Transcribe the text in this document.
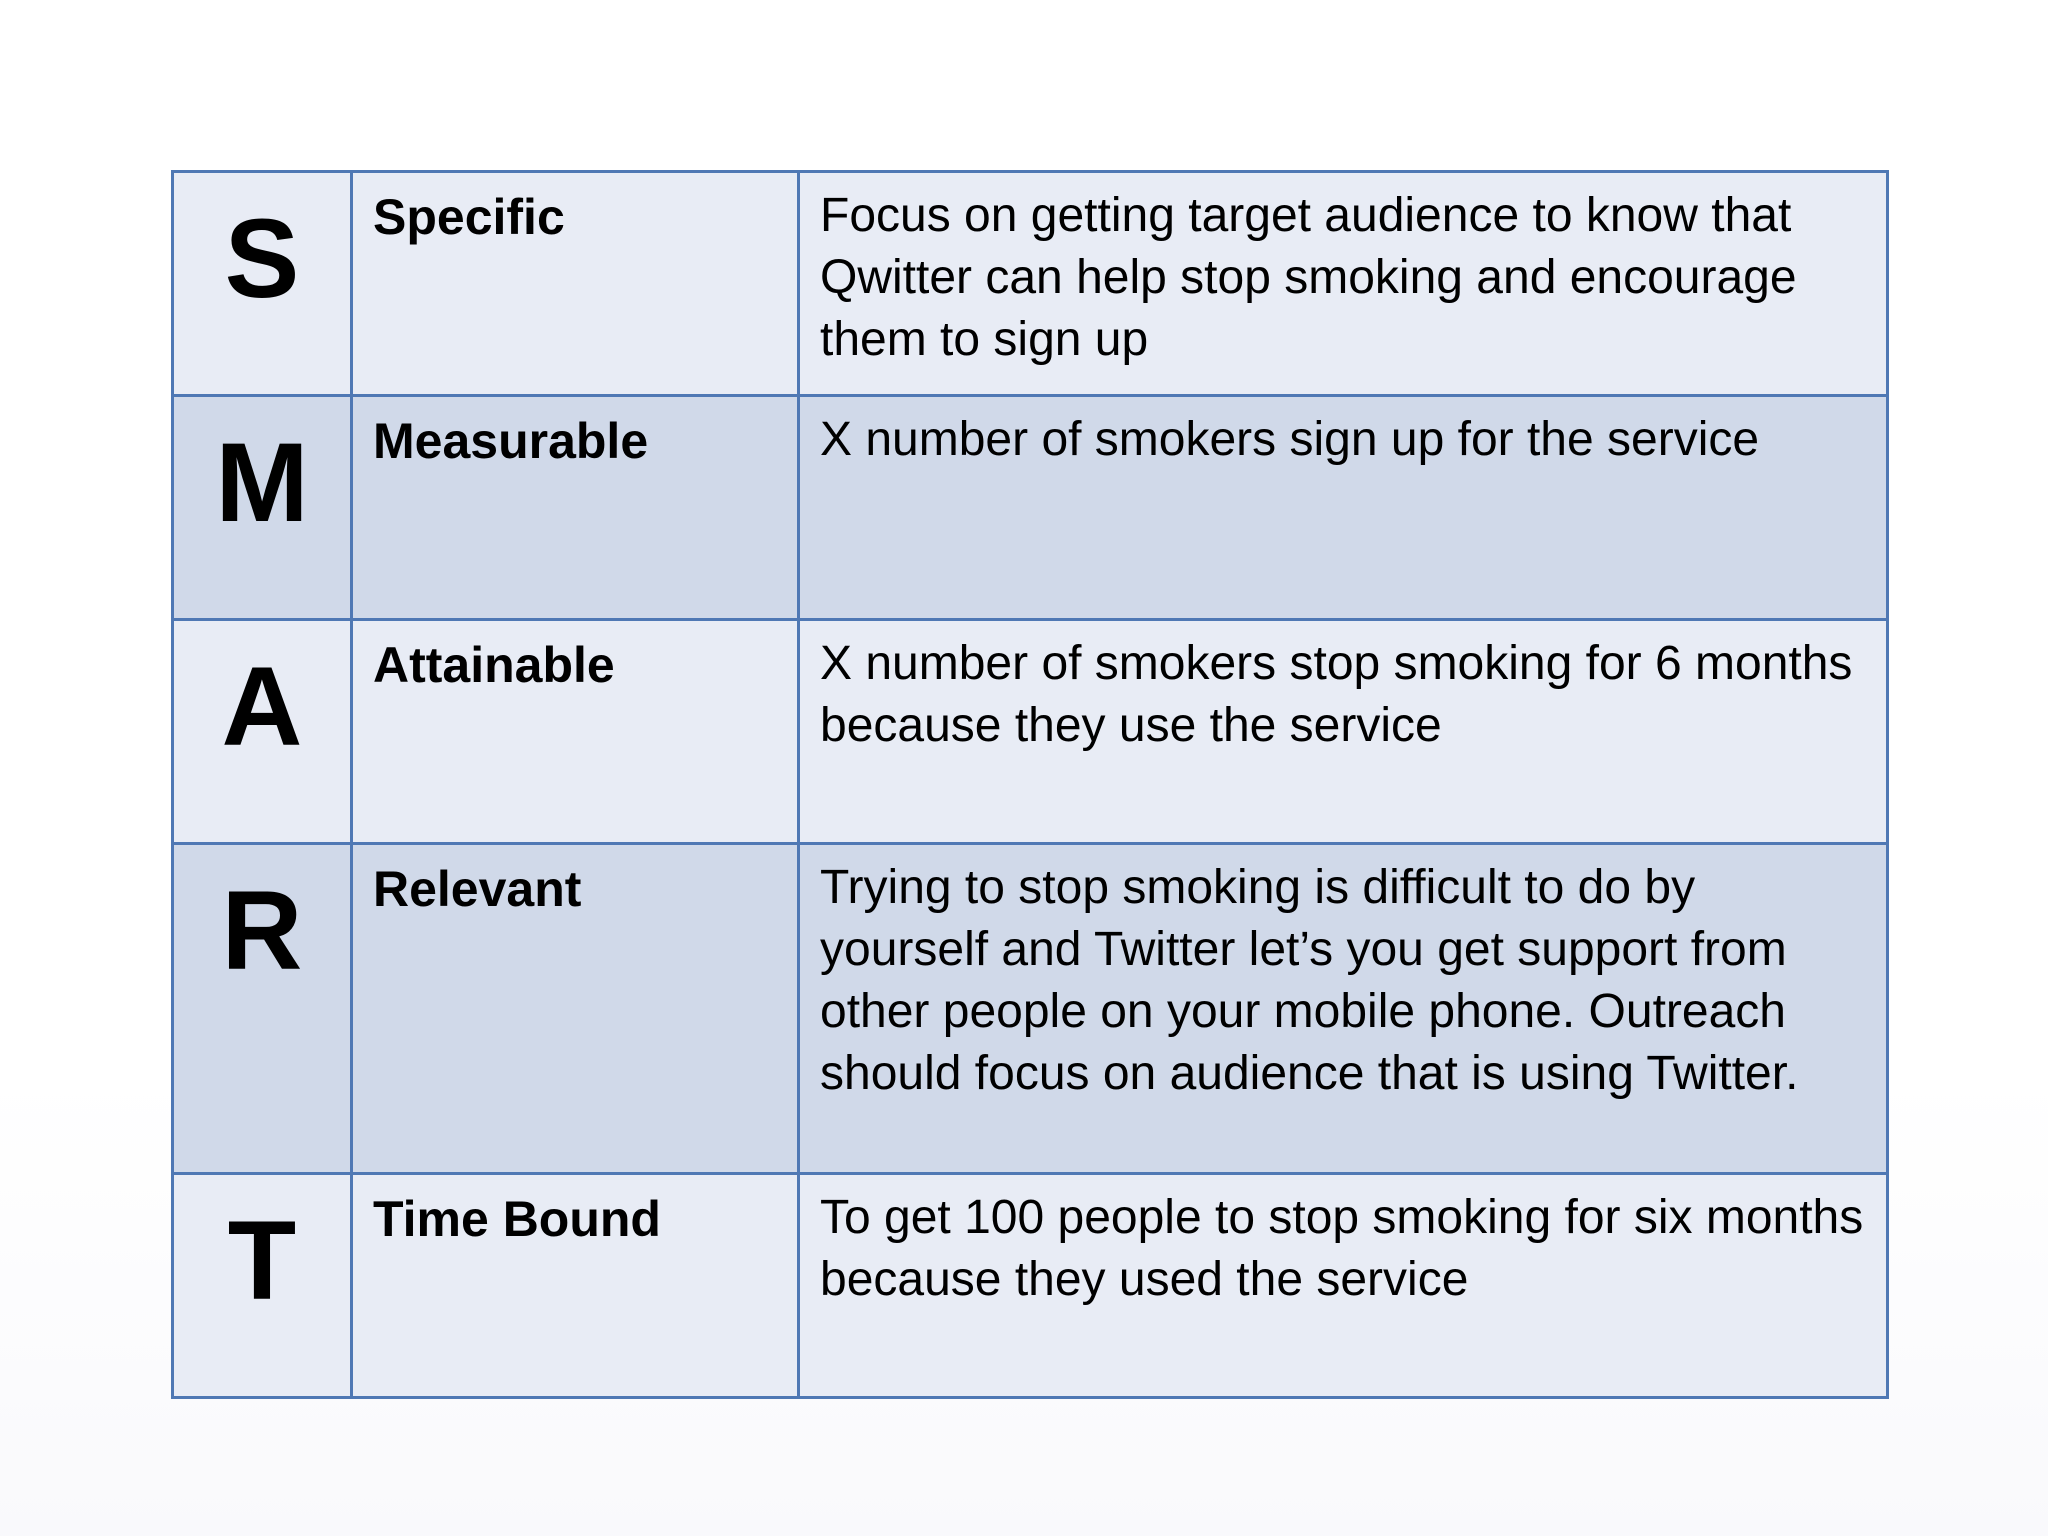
S	Specific	Focus on getting target audience to know that Qwitter can help stop smoking and encourage them to sign up

M	Measurable	X number of smokers sign up for the service

A	Attainable	X number of smokers stop smoking for 6 months because they use the service

R	Relevant	Trying to stop smoking is difficult to do by yourself and Twitter let’s you get support from other people on your mobile phone. Outreach should focus on audience that is using Twitter.

T	Time Bound	To get 100 people to stop smoking for six months because they used the service
